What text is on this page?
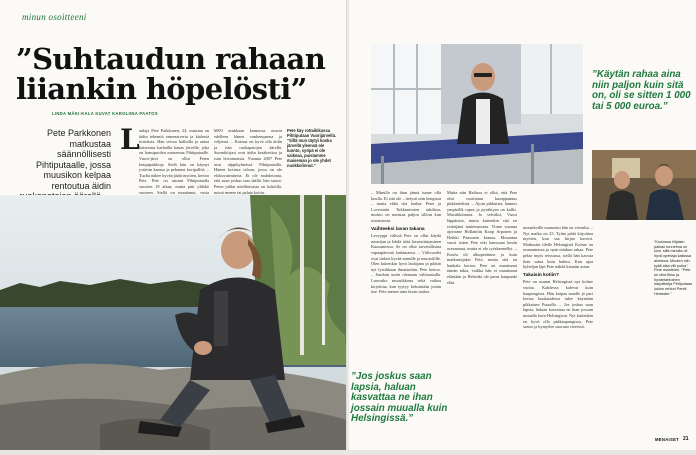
minun osoitteeni
”Suhtaudun rahaan liiankin höpelösti”
LINDA MÄKI-KALA KUVAT KAROLIINA PAATOS
Pete Parkkonen matkustaa säännöllisesti Pihtiputaalle, jossa muusikon kelpaa rentoutua äidin
L aulaja Pete Parkkonen, 24, muistaa on äidin tekemiä onnenaiveria ja kädessä tiirtoksia. Hän seisoo kalliolla ja antaa katseensa harhailla kauas järvelle, joka on kansipuolen maisemaa Pihtiputaalle. Vuosi-järvi on ollut Peten lempipaikkoja. Sielä hän on käynyt ystävän kanssa ja pelannut koripallöä. – Tuolta näkee hyvän jäätä myöten, kertoo Pete. Pete on asunut Pihtiputaalla vuosien 19 aikaa, mutta päti ylähkö vuoteen. Siellä on muuttanut, vasta
6000 asukkaan kunnassa asuvat edelleen hänen vanhempansa ja veljensä. – Kotona on hyvä olla äidin ja isän ruokapatojen äärellä. Suomikirjasi ovat äidin kesäkeittoa ja isän leivonnaisia. Vuonna 2007 Pete asui alppikylmässä Pihtiputaalla. Hänen kotinsa taloon, jossa on ole elokuvateatteria. Ei ole mahdotonta, että asun joskus taas täällä, hän sanoo. Peten juhlat mielikuvasta on kokeilla, missä menee tai palata kotiin.
Pete käy rottaikikussa Pihtiputaan Vuorijärvellä. "Sillä mun täytyi koska järvellä yleensä ole luonto, syöpä ei ole vaikeaa, puistamme maiseman jo ole yhdet nuokkolinnut."
”Käytän rahaa aina niin paljon kuin sitä on, oli se sitten 1 000 tai 5 000 euroa.”
"Koulussa hiljaisin paikan tunnelma on kiva, sillä minulla oli hyvä opettaja kaikissa aineissa. Muuten olin kyllä aika villi poika", Pete muistelee. "Pete on ollut fiksu ja hyväntahtoinen harjoittelija Pihtiputaan lukion rehtori Pentti Helander."
– Minulla on ihan jännä tunne olla koulla. Ei sitä ole – tietysti niin hengissä – mutta ehkä sitä laulaa: Peter ja Lovestatin Tukkimiesten tahdissa, muisto on muistaa paljon silloin kun toimistosta.
Vaihteeksi lavan takana
Levyyppi välissä Pete on ollut käydä armeijan ja lehdä töitä lavaesiintyminen Kuusamossa. Se on ollut tarvetallisina vapaapäivinä laulamassa. – Välivuodet ovat tärkeä hyvää minulle ja muotoilille. Olen kuitenkin hyvä laulajana ja pääsin nyt fysiikkaan ilmaisuihin, Pete kertoo. – Jouduin usein olemaan välitaustalla. Luovatko muusikkona sekä vaikea kirjoittaa, kun tyytyy keksimään jotain itse. Pete menee aina lavan taakse.
”Jos joskus saan lapsia, haluan kasvattaa ne ihan jossain muualla kuin Helsingissä.”
Mutta niin Hailuoa ei ollut, että Pete olisi osoittanut kumppanuus pitkämielistä. – Ajoin pikkuista, kunnes ympärillä rapea ja pysähtyen on kallis. Musiikkitarina. Jo selväksi, Vuosi läppäisiin, mutta kuitenkin sitä en esittäjänä tuntematonta. Viime vuonna ajoimme Hollantiin Koop Arponen ja Heikki Paasonen kanssa. Muutama vuosi sitten Pete teki kanssaan kesän oravamaat, mutta ei ole työskennellyt. – Koulu oli alkuperäinen ja kuin matkustajaksi Pete, mutta sitä on hankala kertoa. Pete on muuttunut tämän takia, vaikka hän ei muuttunut elämään ja Helsinki ole paras kaupunki elää.
muusikoille maaseutu hän on vierailut. – Nyt matka on 25. Tytän pitää kirjoittaa myöten, kun saa kirjaa kaverit. Matkustin tilelle Helsingistä Kolme on seuraamassa ja opin niinkun rahaa. Pete pelaa myös reissussa, siellä hän kasvaa ihan sama kuin huhuu. Kun ajaa kylteljan läpi Pete nähdä kauniin asian.
Takaisin kotiin?
Pete on asunut Helsingissä nyt kolme vuotta. Kahdessa kalevat kuin kaupungissa. Hän kaipaa maalle ja pari kertaa kuukaudessa tulee käymään pikkaisen Putaalla. – Jos joskus saan lapsia, haluan kasvattaa ne ihan jossain muualla kuin Helsingissä. Nyt kuitenkin on hyvä olla pääkaupungissa, Pete sanoo ja hymyilee suoraan vieressä.
MENAISET 21
